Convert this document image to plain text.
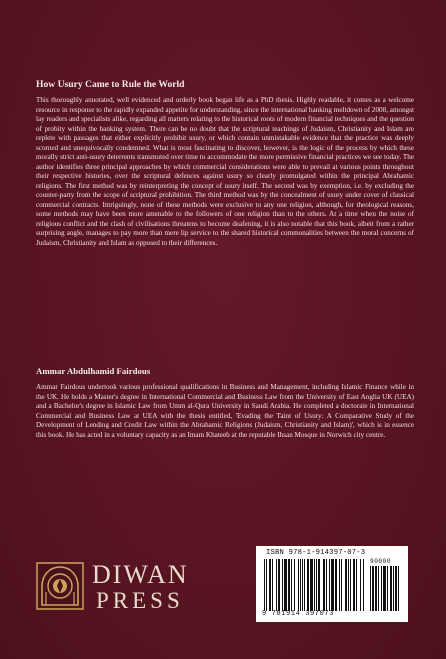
How Usury Came to Rule the World

This thoroughly annotated, well evidenced and orderly book began life as a PhD thesis. Highly readable, it comes as a welcome resource in response to the rapidly expanded appetite for understanding, since the international banking meltdown of 2008, amongst lay readers and specialists alike, regarding all matters relating to the historical roots of modern financial techniques and the question of probity within the banking system. There can be no doubt that the scriptural teachings of Judaism, Christianity and Islam are replete with passages that either explicitly prohibit usury, or which contain unmistakable evidence that the practice was deeply scorned and unequivocally condemned. What is most fascinating to discover, however, is the logic of the process by which these morally strict anti-usury deterrents transmuted over time to accommodate the more permissive financial practices we see today. The author identifies three principal approaches by which commercial considerations were able to prevail at various points throughout their respective histories, over the scriptural defences against usury so clearly promulgated within the principal Abrahamic religions. The first method was by reinterpreting the concept of usury itself. The second was by exemption, i.e. by excluding the counter-party from the scope of scriptural prohibition. The third method was by the concealment of usury under cover of classical commercial contracts. Intriguingly, none of these methods were exclusive to any one religion, although, for theological reasons, some methods may have been more amenable to the followers of one religion than to the others. At a time when the noise of religious conflict and the clash of civilisations threatens to become deafening, it is also notable that this book, albeit from a rather surprising angle, manages to pay more than mere lip service to the shared historical commonalities between the moral concerns of Judaism, Christianity and Islam as opposed to their differences.

Ammar Abdulhamid Fairdous

Ammar Fairdous undertook various professional qualifications in Business and Management, including Islamic Finance while in the UK. He holds a Master's degree in International Commercial and Business Law from the University of East Anglia UK (UEA) and a Bachelor's degree in Islamic Law from Umm al-Qura University in Saudi Arabia. He completed a doctorate in International Commercial and Business Law at UEA with the thesis entitled, 'Evading the Taint of Usury: A Comparative Study of the Development of Lending and Credit Law within the Abrahamic Religions (Judaism, Christianity and Islam)', which is in essence this book. He has acted in a voluntary capacity as an Imam Khateeb at the reputable Ihsan Mosque in Norwich city centre.

DIWAN
PRESS
ISBN 978-1-914397-07-3
90000
9 781914 397073
